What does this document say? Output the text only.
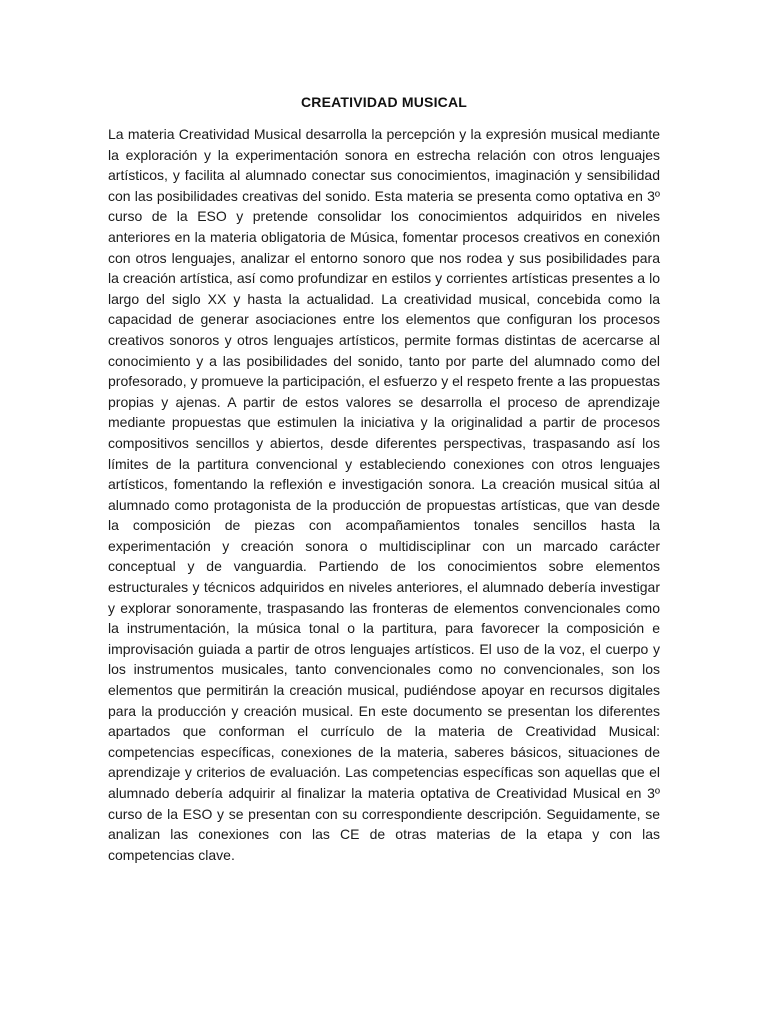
CREATIVIDAD MUSICAL

La materia Creatividad Musical desarrolla la percepción y la expresión musical mediante la exploración y la experimentación sonora en estrecha relación con otros lenguajes artísticos, y facilita al alumnado conectar sus conocimientos, imaginación y sensibilidad con las posibilidades creativas del sonido. Esta materia se presenta como optativa en 3º curso de la ESO y pretende consolidar los conocimientos adquiridos en niveles anteriores en la materia obligatoria de Música, fomentar procesos creativos en conexión con otros lenguajes, analizar el entorno sonoro que nos rodea y sus posibilidades para la creación artística, así como profundizar en estilos y corrientes artísticas presentes a lo largo del siglo XX y hasta la actualidad. La creatividad musical, concebida como la capacidad de generar asociaciones entre los elementos que configuran los procesos creativos sonoros y otros lenguajes artísticos, permite formas distintas de acercarse al conocimiento y a las posibilidades del sonido, tanto por parte del alumnado como del profesorado, y promueve la participación, el esfuerzo y el respeto frente a las propuestas propias y ajenas. A partir de estos valores se desarrolla el proceso de aprendizaje mediante propuestas que estimulen la iniciativa y la originalidad a partir de procesos compositivos sencillos y abiertos, desde diferentes perspectivas, traspasando así los límites de la partitura convencional y estableciendo conexiones con otros lenguajes artísticos, fomentando la reflexión e investigación sonora. La creación musical sitúa al alumnado como protagonista de la producción de propuestas artísticas, que van desde la composición de piezas con acompañamientos tonales sencillos hasta la experimentación y creación sonora o multidisciplinar con un marcado carácter conceptual y de vanguardia. Partiendo de los conocimientos sobre elementos estructurales y técnicos adquiridos en niveles anteriores, el alumnado debería investigar y explorar sonoramente, traspasando las fronteras de elementos convencionales como la instrumentación, la música tonal o la partitura, para favorecer la composición e improvisación guiada a partir de otros lenguajes artísticos. El uso de la voz, el cuerpo y los instrumentos musicales, tanto convencionales como no convencionales, son los elementos que permitirán la creación musical, pudiéndose apoyar en recursos digitales para la producción y creación musical. En este documento se presentan los diferentes apartados que conforman el currículo de la materia de Creatividad Musical: competencias específicas, conexiones de la materia, saberes básicos, situaciones de aprendizaje y criterios de evaluación. Las competencias específicas son aquellas que el alumnado debería adquirir al finalizar la materia optativa de Creatividad Musical en 3º curso de la ESO y se presentan con su correspondiente descripción. Seguidamente, se analizan las conexiones con las CE de otras materias de la etapa y con las competencias clave.
